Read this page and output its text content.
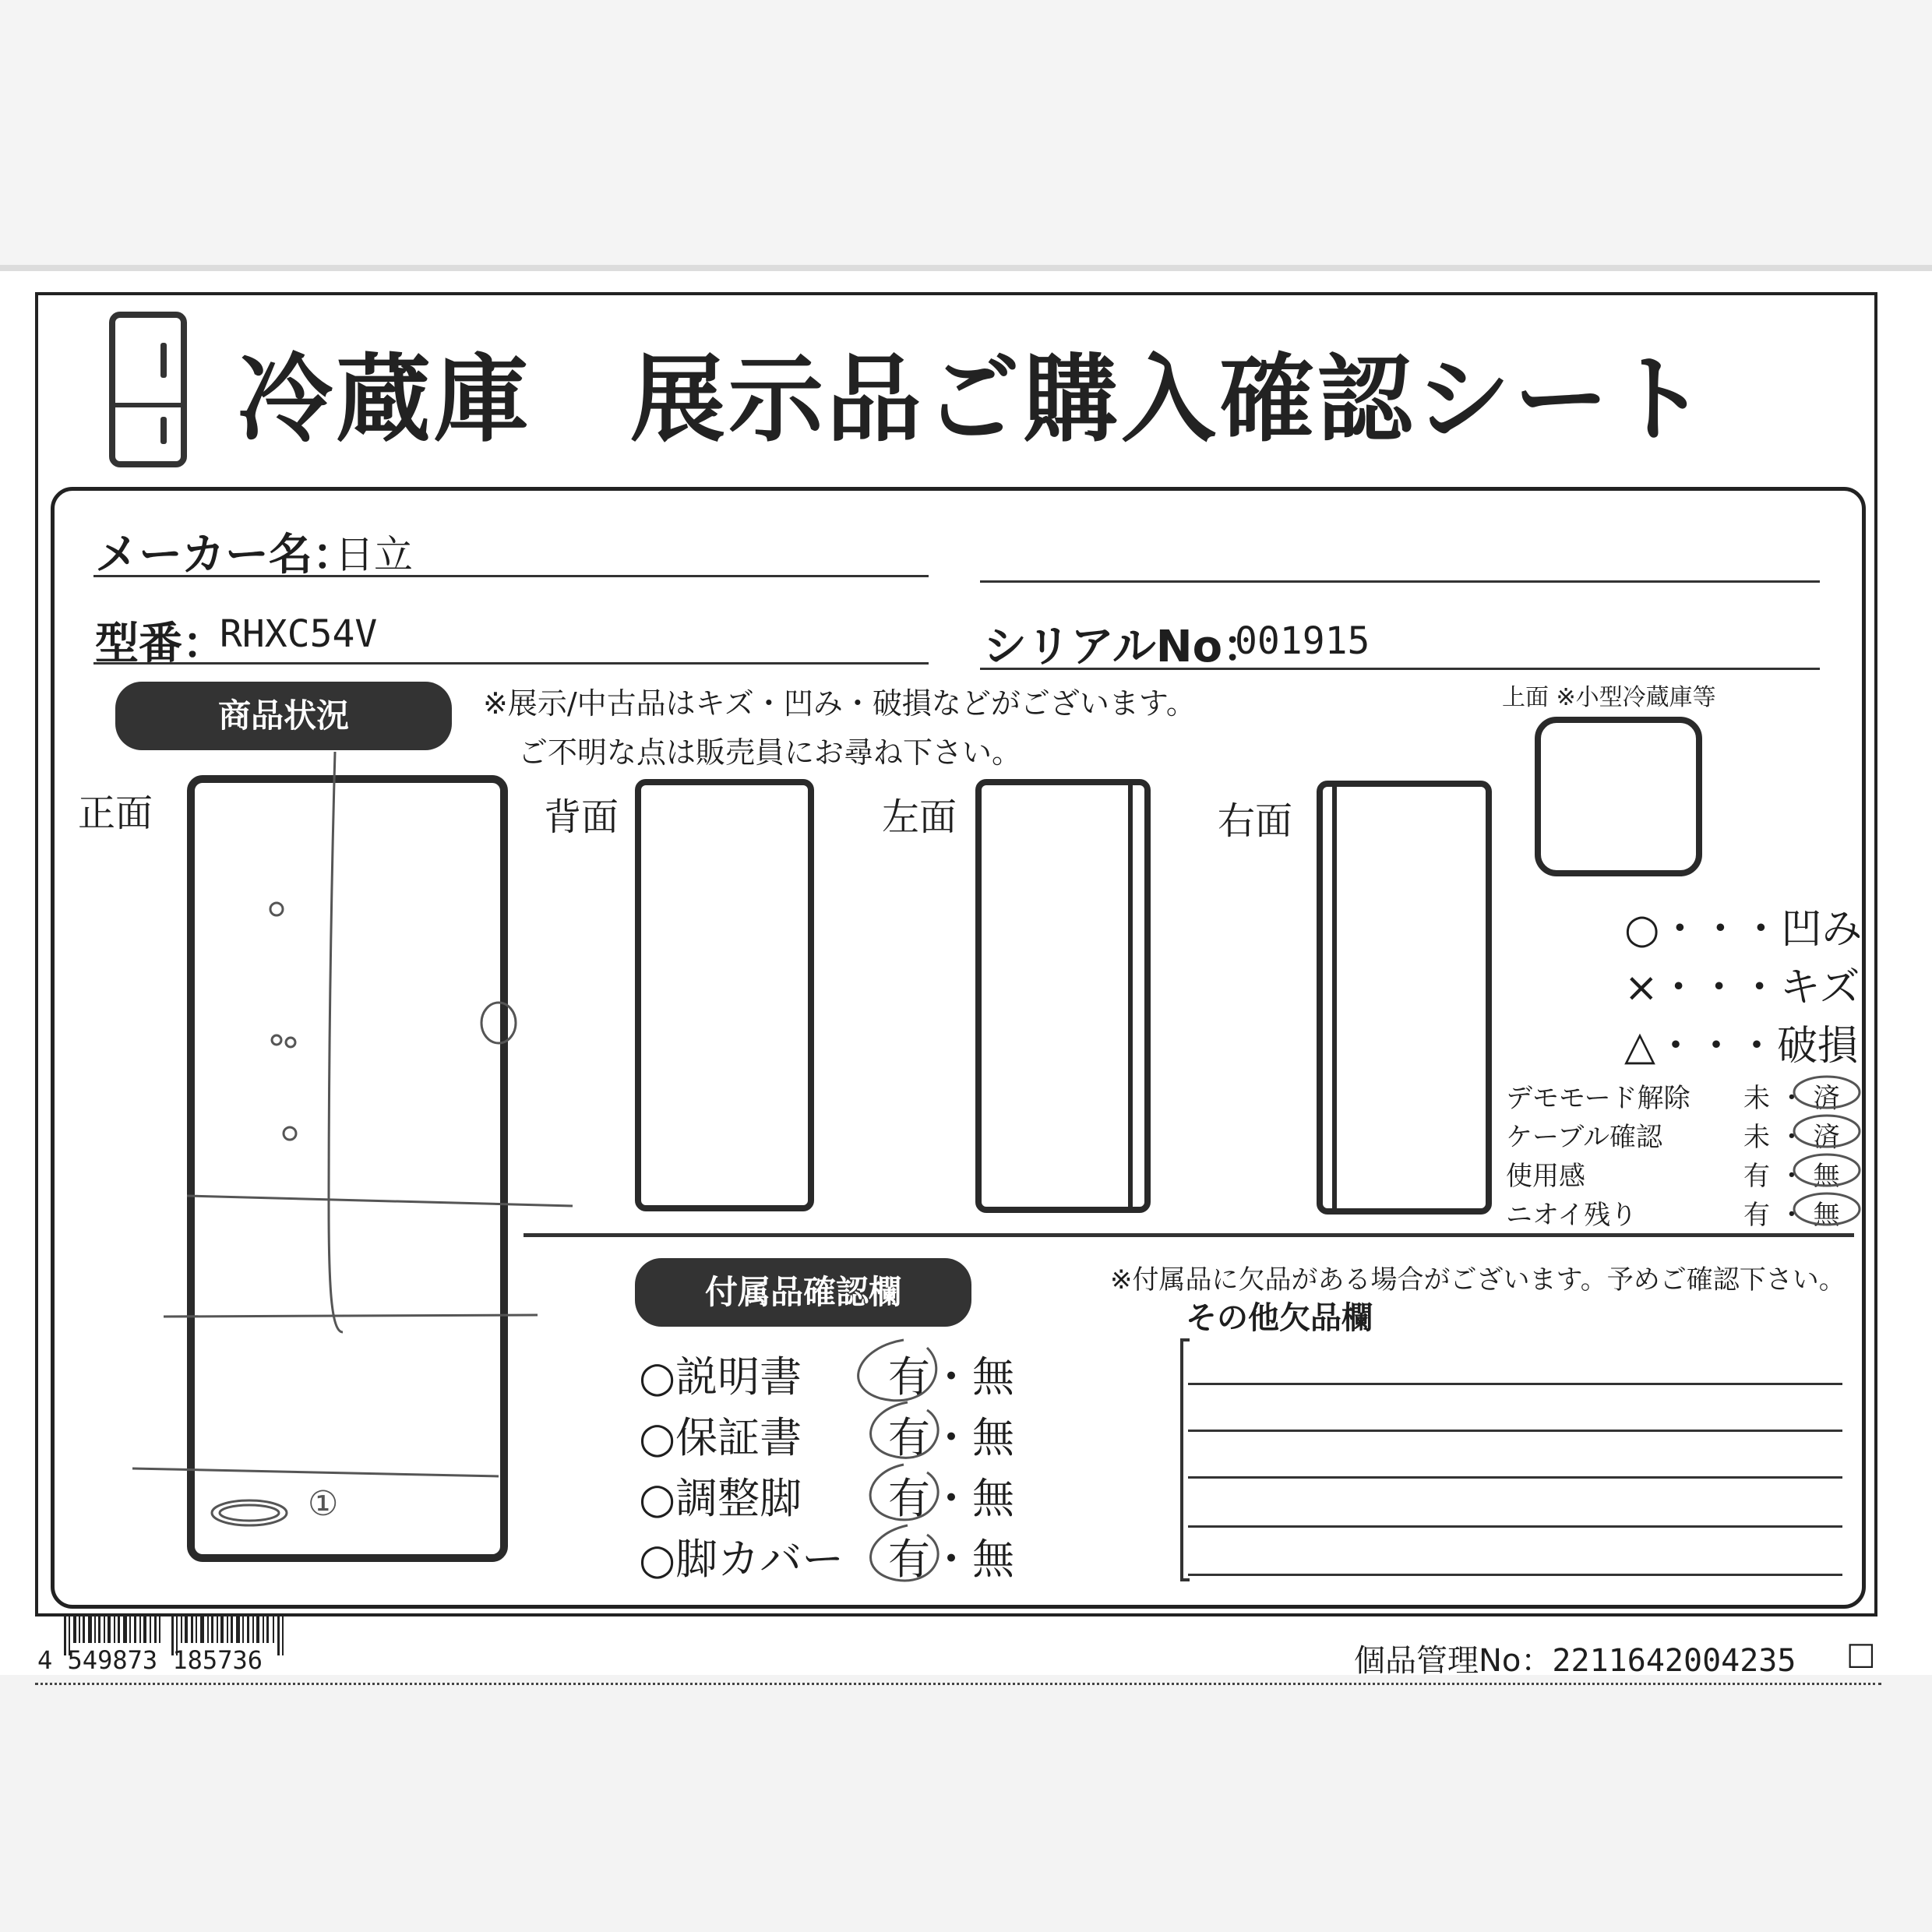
冷蔵庫　展示品ご購入確認シート
メーカー名：
日立
型番：
RHXC54V	シリアルNo：
001915
商品状況	※展示/中古品はキズ・凹み・破損などがございます。
ご不明な点は販売員にお尋ね下さい。
上面 ※小型冷蔵庫等
正面	背面	左面	右面
①
○・・・凹み
×・・・キズ
△・・・破損
デモモード解除 未 ・ 済
ケーブル確認	未 ・ 済
使用感	有 ・ 無
ニオイ残り	有 ・ 無
付属品確認欄	※付属品に欠品がある場合がございます。予めご確認下さい。
○説明書 有・無
○保証書 有・無
○調整脚 有・無
○脚カバー 有・無
その他欠品欄
4 549873 185736	個品管理No：2211642004235 □
